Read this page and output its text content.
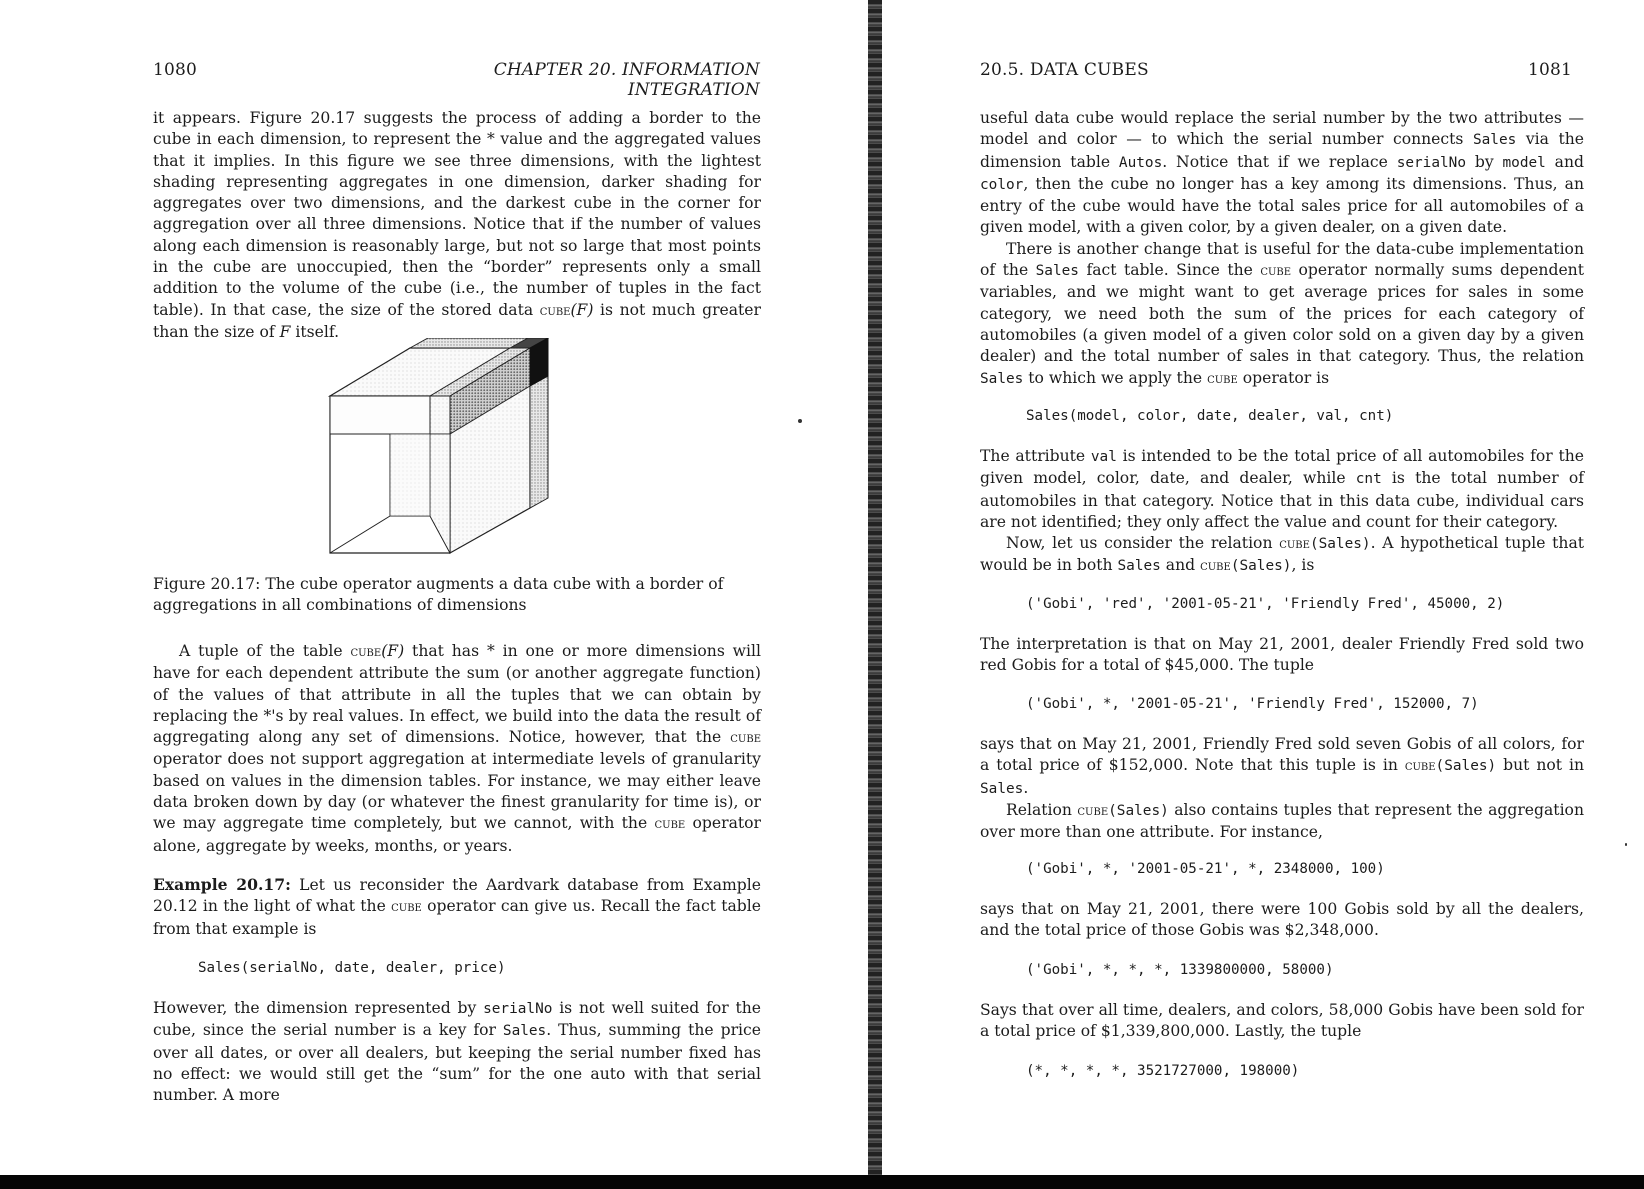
1080	CHAPTER 20. INFORMATION INTEGRATION

it appears. Figure 20.17 suggests the process of adding a border to the cube in each dimension, to represent the * value and the aggregated values that it implies. In this figure we see three dimensions, with the lightest shading representing aggregates in one dimension, darker shading for aggregates over two dimensions, and the darkest cube in the corner for aggregation over all three dimensions. Notice that if the number of values along each dimension is reasonably large, but not so large that most points in the cube are unoccupied, then the “border” represents only a small addition to the volume of the cube (i.e., the number of tuples in the fact table). In that case, the size of the stored data cube(F) is not much greater than the size of F itself.

Figure 20.17: The cube operator augments a data cube with a border of aggregations in all combinations of dimensions

A tuple of the table cube(F) that has * in one or more dimensions will have for each dependent attribute the sum (or another aggregate function) of the values of that attribute in all the tuples that we can obtain by replacing the *'s by real values. In effect, we build into the data the result of aggregating along any set of dimensions. Notice, however, that the cube operator does not support aggregation at intermediate levels of granularity based on values in the dimension tables. For instance, we may either leave data broken down by day (or whatever the finest granularity for time is), or we may aggregate time completely, but we cannot, with the cube operator alone, aggregate by weeks, months, or years.

Example 20.17: Let us reconsider the Aardvark database from Example 20.12 in the light of what the cube operator can give us. Recall the fact table from that example is

Sales(serialNo, date, dealer, price)

However, the dimension represented by serialNo is not well suited for the cube, since the serial number is a key for Sales. Thus, summing the price over all dates, or over all dealers, but keeping the serial number fixed has no effect: we would still get the “sum” for the one auto with that serial number. A more

20.5. DATA CUBES	1081

useful data cube would replace the serial number by the two attributes — model and color — to which the serial number connects Sales via the dimension table Autos. Notice that if we replace serialNo by model and color, then the cube no longer has a key among its dimensions. Thus, an entry of the cube would have the total sales price for all automobiles of a given model, with a given color, by a given dealer, on a given date.

There is another change that is useful for the data-cube implementation of the Sales fact table. Since the cube operator normally sums dependent variables, and we might want to get average prices for sales in some category, we need both the sum of the prices for each category of automobiles (a given model of a given color sold on a given day by a given dealer) and the total number of sales in that category. Thus, the relation Sales to which we apply the cube operator is

Sales(model, color, date, dealer, val, cnt)

The attribute val is intended to be the total price of all automobiles for the given model, color, date, and dealer, while cnt is the total number of automobiles in that category. Notice that in this data cube, individual cars are not identified; they only affect the value and count for their category.

Now, let us consider the relation cube(Sales). A hypothetical tuple that would be in both Sales and cube(Sales), is

('Gobi', 'red', '2001-05-21', 'Friendly Fred', 45000, 2)
The interpretation is that on May 21, 2001, dealer Friendly Fred sold two red Gobis for a total of $45,000. The tuple
('Gobi', *, '2001-05-21', 'Friendly Fred', 152000, 7)

says that on May 21, 2001, Friendly Fred sold seven Gobis of all colors, for a total price of $152,000. Note that this tuple is in cube(Sales) but not in Sales.

Relation cube(Sales) also contains tuples that represent the aggregation over more than one attribute. For instance,

('Gobi', *, '2001-05-21', *, 2348000, 100)
says that on May 21, 2001, there were 100 Gobis sold by all the dealers, and the total price of those Gobis was $2,348,000.
('Gobi', *, *, *, 1339800000, 58000)
Says that over all time, dealers, and colors, 58,000 Gobis have been sold for a total price of $1,339,800,000. Lastly, the tuple
(*, *, *, *, 3521727000, 198000)
